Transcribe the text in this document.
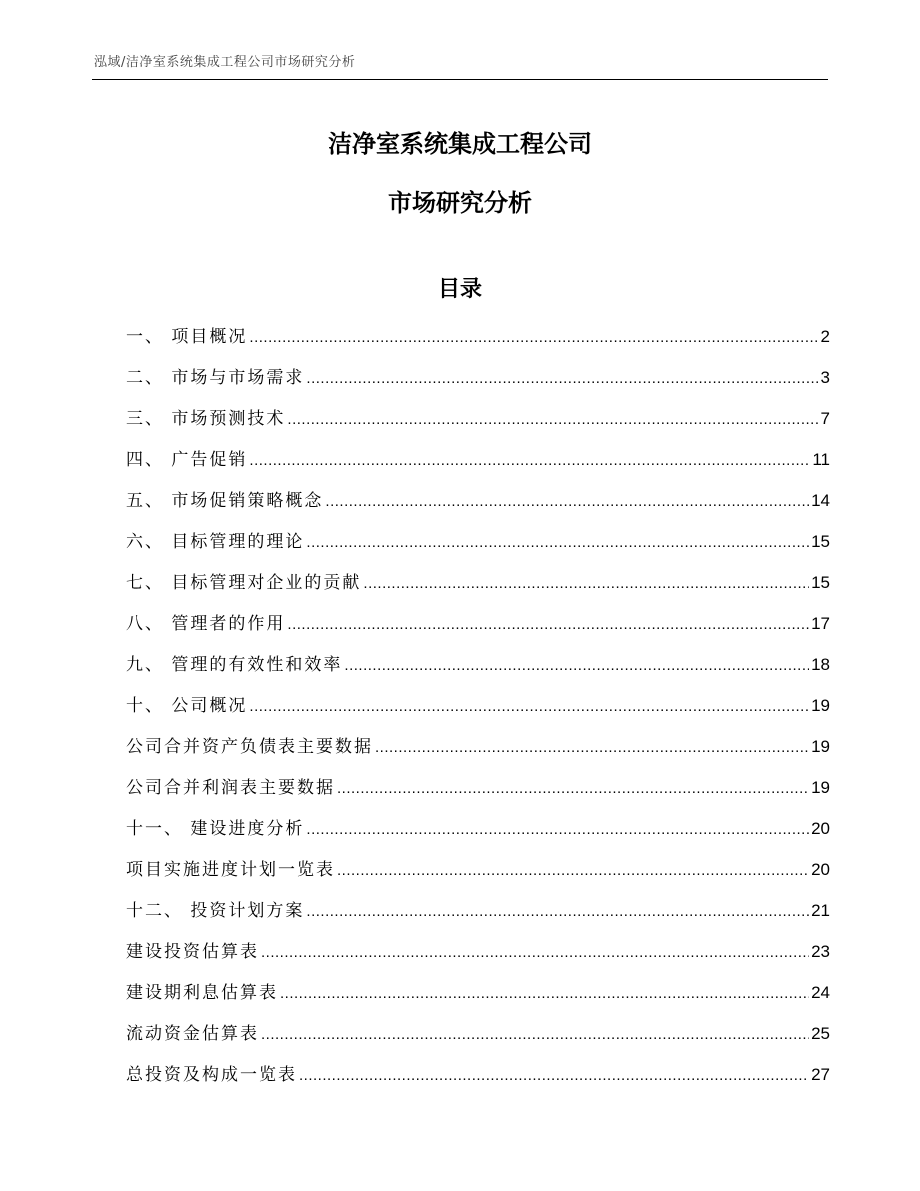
泓域/洁净室系统集成工程公司市场研究分析
洁净室系统集成工程公司
市场研究分析
目录
一、 项目概况 .....	2
二、 市场与市场需求 .....	3
三、 市场预测技术 .....	7
四、 广告促销 .....	11
五、 市场促销策略概念 .....	14
六、 目标管理的理论 .....	15
七、 目标管理对企业的贡献 .....	15
八、 管理者的作用 .....	17
九、 管理的有效性和效率 .....	18
十、 公司概况 .....	19
公司合并资产负债表主要数据 .....	19
公司合并利润表主要数据 .....	19
十一、 建设进度分析 .....	20
项目实施进度计划一览表 .....	20
十二、 投资计划方案 .....	21
建设投资估算表 .....	23
建设期利息估算表 .....	24
流动资金估算表 .....	25
总投资及构成一览表 .....	27
